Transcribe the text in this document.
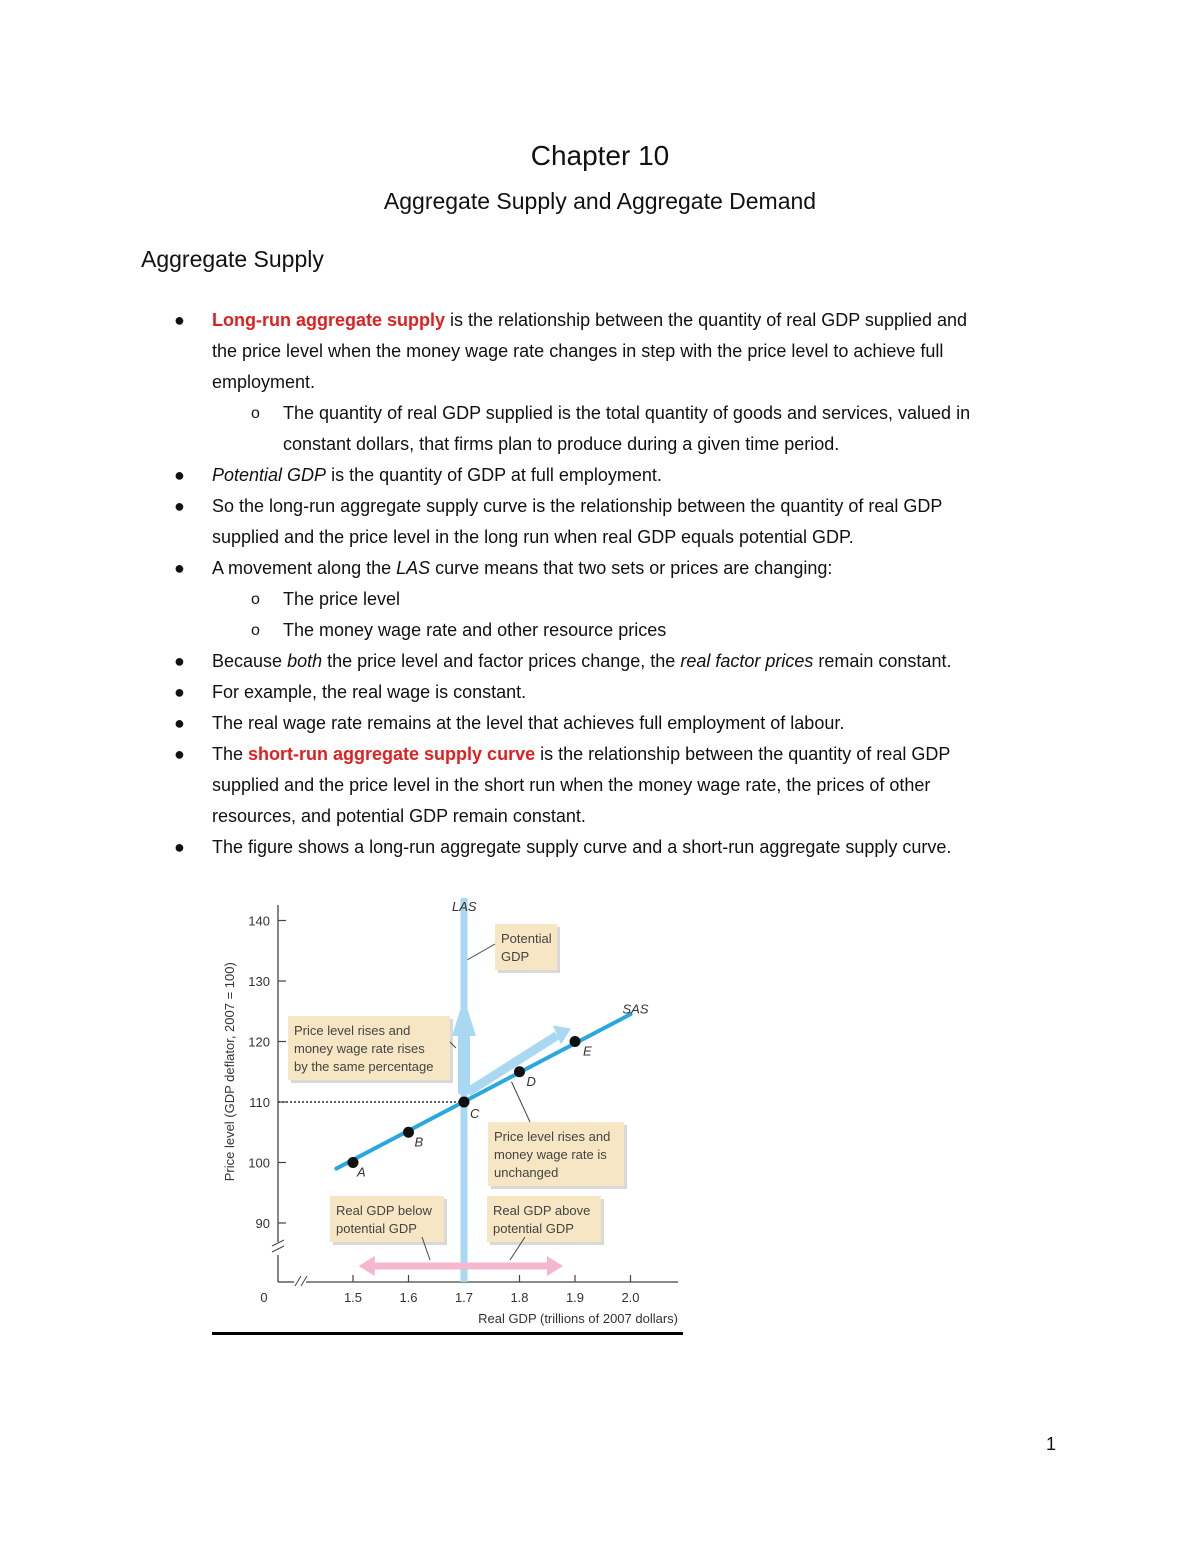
Chapter 10
Aggregate Supply and Aggregate Demand
Aggregate Supply
● Long-run aggregate supply is the relationship between the quantity of real GDP supplied and
the price level when the money wage rate changes in step with the price level to achieve full
employment.
o The quantity of real GDP supplied is the total quantity of goods and services, valued in
constant dollars, that firms plan to produce during a given time period.
● Potential GDP is the quantity of GDP at full employment.
● So the long-run aggregate supply curve is the relationship between the quantity of real GDP
supplied and the price level in the long run when real GDP equals potential GDP.
● A movement along the LAS curve means that two sets or prices are changing:
o The price level
o The money wage rate and other resource prices
● Because both the price level and factor prices change, the real factor prices remain constant.
● For example, the real wage is constant.
● The real wage rate remains at the level that achieves full employment of labour.
● The short-run aggregate supply curve is the relationship between the quantity of real GDP
supplied and the price level in the short run when the money wage rate, the prices of other
resources, and potential GDP remain constant.
● The figure shows a long-run aggregate supply curve and a short-run aggregate supply curve.
Potential
GDP
Price level rises and
money wage rate rises
by the same percentage
Price level rises and
money wage rate is
unchanged
Real GDP below
potential GDP
Real GDP above
potential GDP
90
100
110
120
130
140
1.5	1.6	1.7	1.8	1.9	2.0
0
Real GDP (trillions of 2007 dollars)
Price level (GDP deflator, 2007 = 100)
LAS
SAS
A
B
C
D
E
1
